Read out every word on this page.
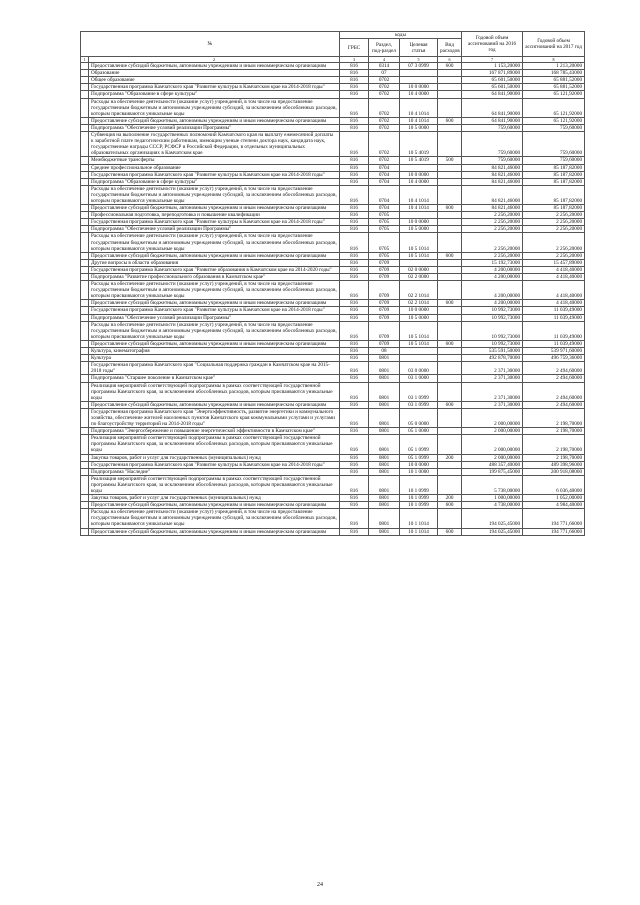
№		коды				Годовой объем ассигнований на 2016 год	Годовой объем ассигнований на 2017 год
		ГРБС	Раздел, под-раздел	Целевая статья	Вид расходов		
1	2	3	4	5	6	7	8
	Предоставление субсидий бюджетным, автономным учреждениям и иным некоммерческим организациям	816	0314	07 3 0999	600	1 153,20000	1 213,20000
	Образование	816	07			167 871,89000	168 785,43000
	Общее образование	816	0702			65 601,50000	65 881,52000
	Государственная программа Камчатского края "Развитие культуры в Камчатском крае на 2014-2018 годы"	816	0702	10 0 0000		65 601,50000	65 881,52000
	Подпрограмма "Образование в сфере культуры"	816	0702	10 4 0000		64 841,90000	65 121,92000
	Расходы на обеспечение деятельности (оказание услуг) учреждений, в том числе на предоставление государственным бюджетным и автономным учреждениям субсидий, за исключением обособленных расходов, которым присваиваются уникальные коды	816	0702	10 4 1014		64 841,90000	65 121,92000
	Предоставление субсидий бюджетным, автономным учреждениям и иным некоммерческим организациям	816	0702	10 4 1014	600	64 841,90000	65 121,92000
	Подпрограмма "Обеспечение условий реализации Программы"	816	0702	10 5 0000		759,60000	759,60000
	Субвенция на выполнение государственных полномочий Камчатского края на выплату ежемесячной доплаты к заработной плате педагогическим работникам, имеющим ученые степени доктора наук, кандидата наук, государственные награды СССР, РСФСР и Российской Федерации, в отдельных муниципальных образовательных организациях в Камчатском крае	816	0702	10 5 4019		759,60000	759,60000
	Межбюджетные трансферты	816	0702	10 5 4019	500	759,60000	759,60000
	Среднее профессиональное образование	816	0704			84 821,46000	85 187,82000
	Государственная программа Камчатского края "Развитие культуры в Камчатском крае на 2014-2018 годы"	816	0704	10 0 0000		84 821,46000	85 187,82000
	Подпрограмма "Образование в сфере культуры"	816	0704	10 4 0000		84 821,46000	85 187,82000
	Расходы на обеспечение деятельности (оказание услуг) учреждений, в том числе на предоставление государственным бюджетным и автономным учреждениям субсидий, за исключением обособленных расходов, которым присваиваются уникальные коды	816	0704	10 4 1014		84 821,46000	85 187,82000
	Предоставление субсидий бюджетным, автономным учреждениям и иным некоммерческим организациям	816	0704	10 4 1014	600	84 821,46000	85 187,82000
	Профессиональная подготовка, переподготовка и повышение квалификации	816	0705			2 256,20000	2 256,20000
	Государственная программа Камчатского края "Развитие культуры в Камчатском крае на 2014-2018 годы"	816	0705	10 0 0000		2 256,20000	2 256,20000
	Подпрограмма "Обеспечение условий реализации Программы"	816	0705	10 5 0000		2 256,20000	2 256,20000
	Расходы на обеспечение деятельности (оказание услуг) учреждений, в том числе на предоставление государственным бюджетным и автономным учреждениям субсидий, за исключением обособленных расходов, которым присваиваются уникальные коды	816	0705	10 5 1014		2 256,20000	2 256,20000
	Предоставление субсидий бюджетным, автономным учреждениям и иным некоммерческим организациям	816	0705	10 5 1014	600	2 256,20000	2 256,20000
	Другие вопросы в области образования	816	0709			15 192,73000	15 457,89000
	Государственная программа Камчатского края "Развитие образования в Камчатском крае на 2014-2020 годы"	816	0709	02 0 0000		4 200,00000	4 418,40000
	Подпрограмма "Развитие профессионального образования в Камчатском крае"	816	0709	02 2 0000		4 200,00000	4 418,40000
	Расходы на обеспечение деятельности (оказание услуг) учреждений, в том числе на предоставление государственным бюджетным и автономным учреждениям субсидий, за исключением обособленных расходов, которым присваиваются уникальные коды	816	0709	02 2 1014		4 200,00000	4 418,40000
	Предоставление субсидий бюджетным, автономным учреждениям и иным некоммерческим организациям	816	0709	02 2 1014	600	4 200,00000	4 418,40000
	Государственная программа Камчатского края "Развитие культуры в Камчатском крае на 2014-2018 годы"	816	0709	10 0 0000		10 992,73000	11 039,49000
	Подпрограмма "Обеспечение условий реализации Программы"	816	0709	10 5 0000		10 992,73000	11 039,49000
	Расходы на обеспечение деятельности (оказание услуг) учреждений, в том числе на предоставление государственным бюджетным и автономным учреждениям субсидий, за исключением обособленных расходов, которым присваиваются уникальные коды	816	0709	10 5 1014		10 992,73000	11 039,49000
	Предоставление субсидий бюджетным, автономным учреждениям и иным некоммерческим организациям	816	0709	10 5 1014	600	10 992,73000	11 039,49000
	Культура, кинематография	816	08			535 591,50000	539 971,60000
	Культура	816	0801			492 878,70000	496 759,36000
	Государственная программа Камчатского края "Социальная поддержка граждан в Камчатском крае на 2015-2018 годы"	816	0801	03 0 0000		2 371,30000	2 494,60000
	Подпрограмма "Старшее поколение в Камчатском крае"	816	0801	03 1 0000		2 371,30000	2 494,60000
	Реализация мероприятий соответствующей подпрограммы в рамках соответствующей государственной программы Камчатского края, за исключением обособленных расходов, которым присваиваются уникальные коды	816	0801	03 1 0999		2 371,30000	2 494,60000
	Предоставление субсидий бюджетным, автономным учреждениям и иным некоммерческим организациям	816	0801	03 1 0999	600	2 371,30000	2 494,60000
	Государственная программа Камчатского края "Энергоэффективность, развитие энергетики и коммунального хозяйства, обеспечение жителей населенных пунктов Камчатского края коммунальными услугами и услугами по благоустройству территорий на 2014-2018 годы"	816	0801	05 0 0000		2 000,00000	2 198,70000
	Подпрограмма "Энергосбережение и повышение энергетической эффективности в Камчатском крае"	816	0801	05 1 0000		2 000,00000	2 198,70000
	Реализация мероприятий соответствующей подпрограммы в рамках соответствующей государственной программы Камчатского края, за исключением обособленных расходов, которым присваиваются уникальные коды	816	0801	05 1 0999		2 000,00000	2 198,70000
	Закупка товаров, работ и услуг для государственных (муниципальных) нужд	816	0801	05 1 0999	200	2 000,00000	2 198,70000
	Государственная программа Камчатского края "Развитие культуры в Камчатском крае на 2014-2018 годы"	816	0801	10 0 0000		488 357,40000	489 398,96000
	Подпрограмма "Наследие"	816	0801	10 1 0000		199 875,45000	200 918,08000
	Реализация мероприятий соответствующей подпрограммы в рамках соответствующей государственной программы Камчатского края, за исключением обособленных расходов, которым присваиваются уникальные коды	816	0801	10 1 0999		5 738,00000	6 036,40000
	Закупка товаров, работ и услуг для государственных (муниципальных) нужд	816	0801	10 1 0999	200	1 000,00000	1 052,00000
	Предоставление субсидий бюджетным, автономным учреждениям и иным некоммерческим организациям	816	0801	10 1 0999	600	4 738,00000	4 984,40000
	Расходы на обеспечение деятельности (оказание услуг) учреждений, в том числе на предоставление государственным бюджетным и автономным учреждениям субсидий, за исключением обособленных расходов, которым присваиваются уникальные коды	816	0801	10 1 1014		194 025,45000	194 771,66000
	Предоставление субсидий бюджетным, автономным учреждениям и иным некоммерческим организациям	816	0801	10 1 1014	600	194 025,45000	194 771,66000
24
